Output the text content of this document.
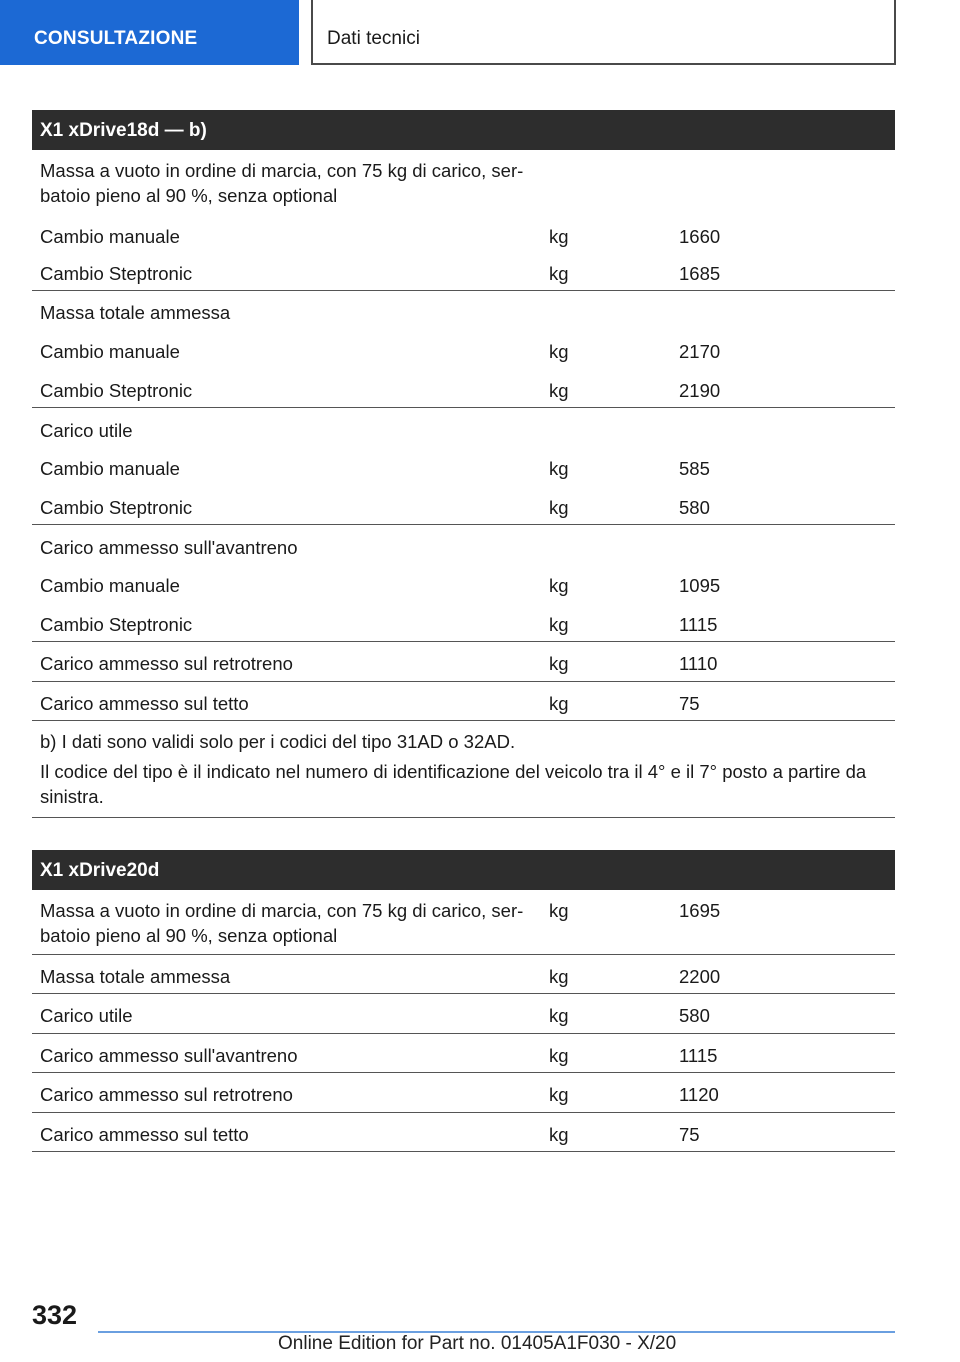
CONSULTAZIONE	Dati tecnici
X1 xDrive18d — b)
Massa a vuoto in ordine di marcia, con 75 kg di carico, ser-
batoio pieno al 90 %, senza optional
Cambio manuale	kg	1660
Cambio Steptronic	kg	1685
Massa totale ammessa
Cambio manuale	kg	2170
Cambio Steptronic	kg	2190
Carico utile
Cambio manuale	kg	585
Cambio Steptronic	kg	580
Carico ammesso sull'avantreno
Cambio manuale	kg	1095
Cambio Steptronic	kg	1115
Carico ammesso sul retrotreno	kg	1110
Carico ammesso sul tetto	kg	75
b) I dati sono validi solo per i codici del tipo 31AD o 32AD.
Il codice del tipo è il indicato nel numero di identificazione del veicolo tra il 4° e il 7° posto a partire da
sinistra.
X1 xDrive20d
Massa a vuoto in ordine di marcia, con 75 kg di carico, ser-
batoio pieno al 90 %, senza optional
kg	1695
Massa totale ammessa	kg	2200
Carico utile	kg	580
Carico ammesso sull'avantreno	kg	1115
Carico ammesso sul retrotreno	kg	1120
Carico ammesso sul tetto	kg	75
332
Online Edition for Part no. 01405A1F030 - X/20
